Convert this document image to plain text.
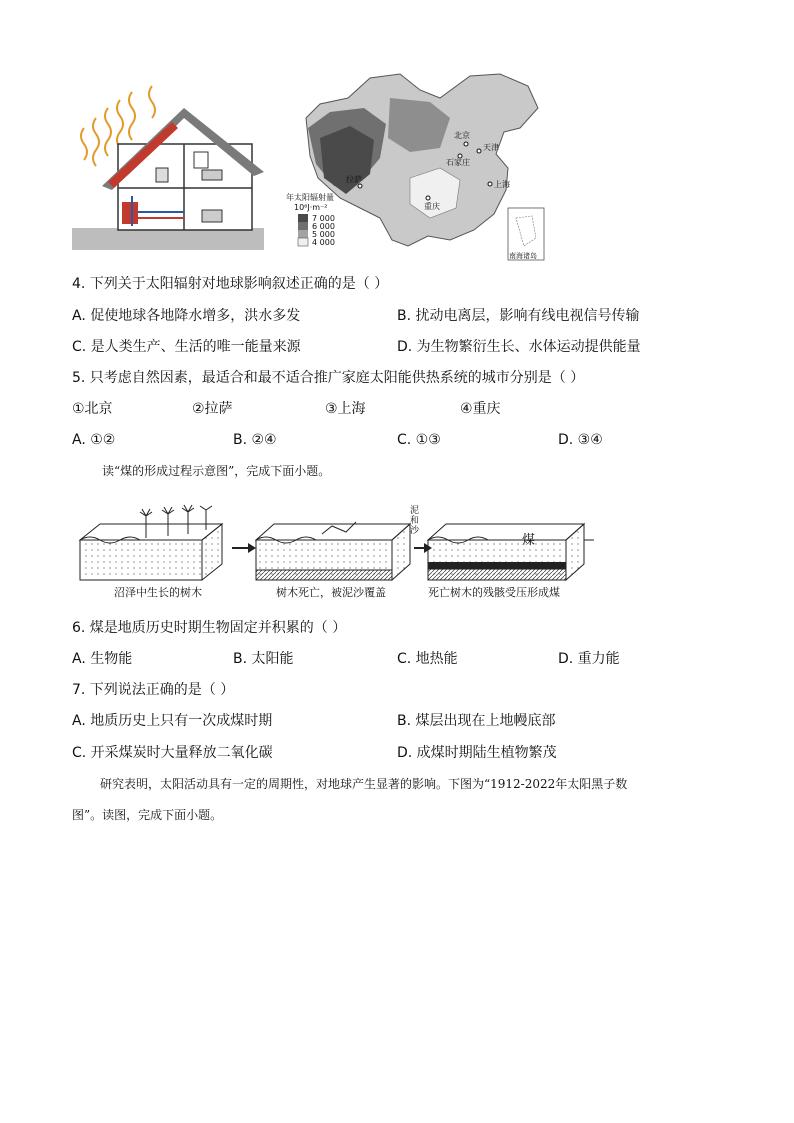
北京
天津
石家庄
拉萨
重庆
上海
年太阳辐射量
10⁶J·m⁻²
7 000
6 000
5 000
4 000
南海诸岛
4. 下列关于太阳辐射对地球影响叙述正确的是（ ）
A. 促使地球各地降水增多，洪水多发	B. 扰动电离层，影响有线电视信号传输
C. 是人类生产、生活的唯一能量来源	D. 为生物繁衍生长、水体运动提供能量
5. 只考虑自然因素，最适合和最不适合推广家庭太阳能供热系统的城市分别是（ ）
①北京	②拉萨	③上海	④重庆
A. ①②	B. ②④	C. ①③	D. ③④
读“煤的形成过程示意图”，完成下面小题。
煤
泥和沙
沼泽中生长的树木	树木死亡，被泥沙覆盖	死亡树木的残骸受压形成煤
6. 煤是地质历史时期生物固定并积累的（ ）
A. 生物能	B. 太阳能	C. 地热能	D. 重力能
7. 下列说法正确的是（ ）
A. 地质历史上只有一次成煤时期	B. 煤层出现在上地幔底部
C. 开采煤炭时大量释放二氧化碳	D. 成煤时期陆生植物繁茂
研究表明，太阳活动具有一定的周期性，对地球产生显著的影响。下图为“1912-2022年太阳黑子数
图”。读图，完成下面小题。
